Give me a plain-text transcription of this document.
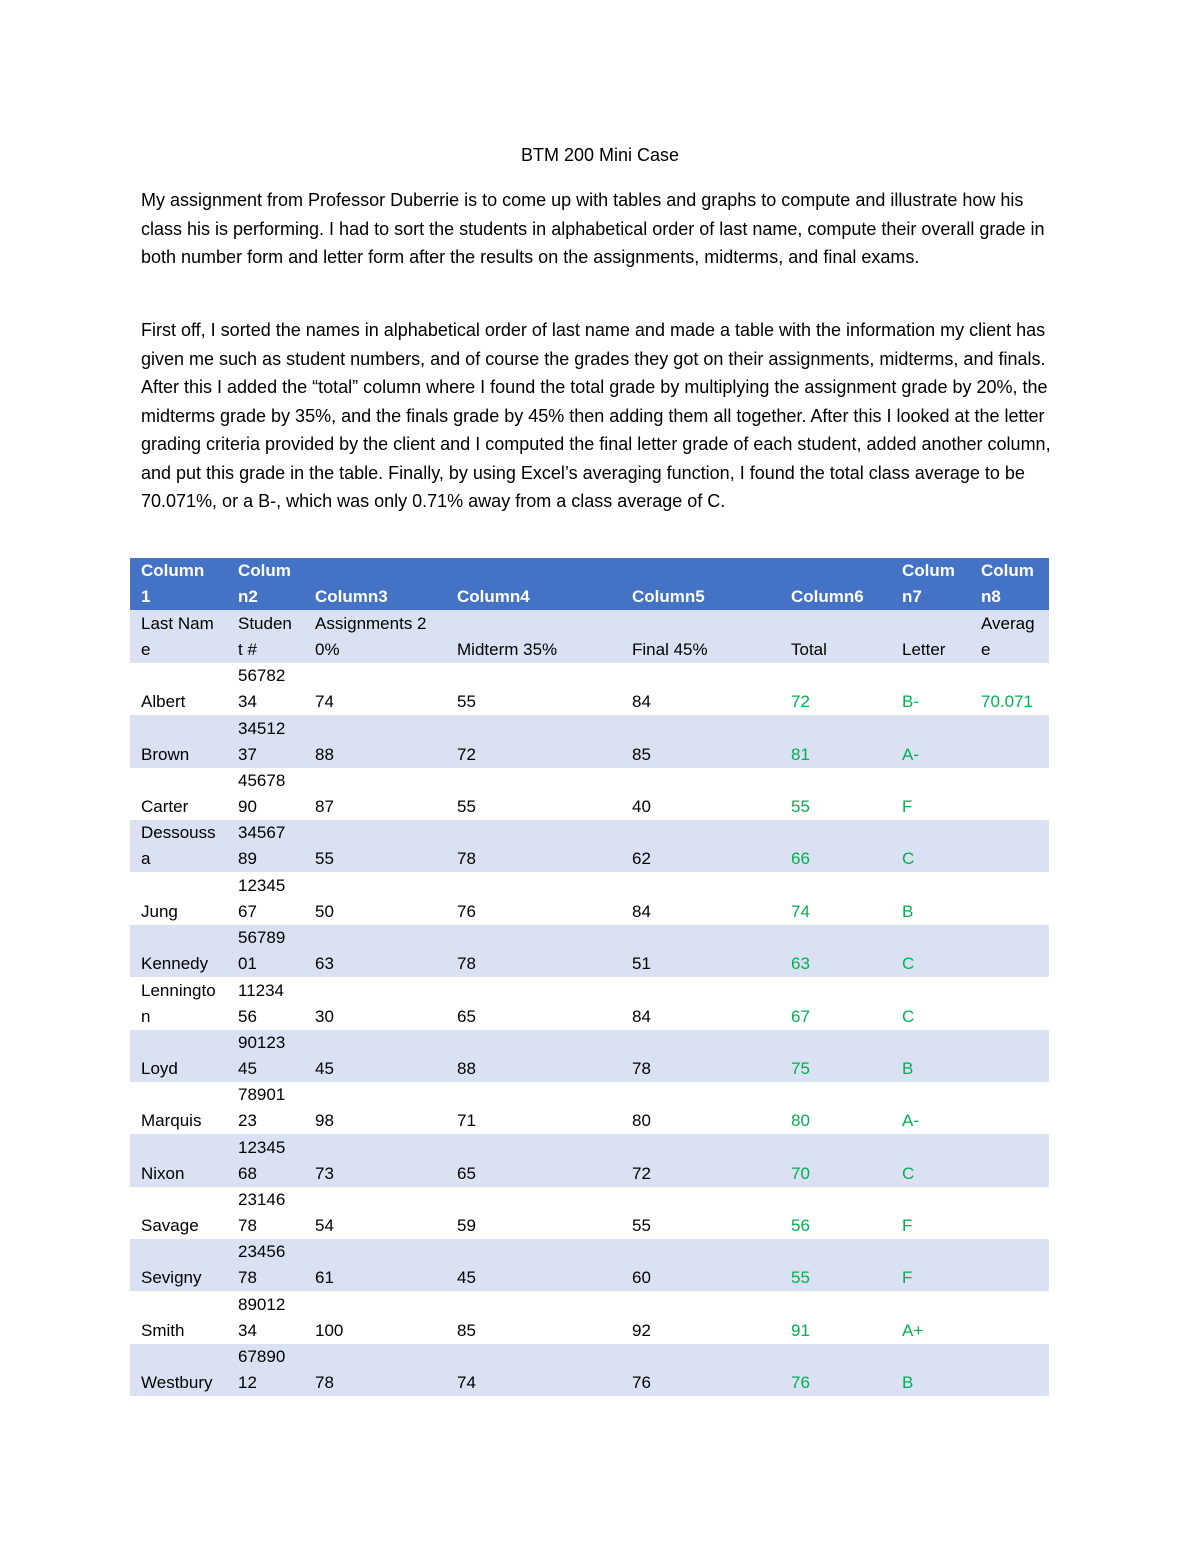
BTM 200 Mini Case

My assignment from Professor Duberrie is to come up with tables and graphs to compute and illustrate how his class his is performing. I had to sort the students in alphabetical order of last name, compute their overall grade in both number form and letter form after the results on the assignments, midterms, and final exams.

First off, I sorted the names in alphabetical order of last name and made a table with the information my client has given me such as student numbers, and of course the grades they got on their assignments, midterms, and finals. After this I added the “total” column where I found the total grade by multiplying the assignment grade by 20%, the midterms grade by 35%, and the finals grade by 45% then adding them all together. After this I looked at the letter grading criteria provided by the client and I computed the final letter grade of each student, added another column, and put this grade in the table. Finally, by using Excel’s averaging function, I found the total class average to be 70.071%, or a B-, which was only 0.71% away from a class average of C.

Column 1	Column2	Column3	Column4	Column5	Column6	Column7	Column8
Last Name	Student #	Assignments 20%	Midterm 35%	Final 45%	Total	Letter	Average
Albert	5678234	74	55	84	72	B-	70.071
Brown	3451237	88	72	85	81	A-	
Carter	4567890	87	55	40	55	F	
Dessoussa	3456789	55	78	62	66	C	
Jung	1234567	50	76	84	74	B	
Kennedy	5678901	63	78	51	63	C	
Lennington	1123456	30	65	84	67	C	
Loyd	9012345	45	88	78	75	B	
Marquis	7890123	98	71	80	80	A-	
Nixon	1234568	73	65	72	70	C	
Savage	2314678	54	59	55	56	F	
Sevigny	2345678	61	45	60	55	F	
Smith	8901234	100	85	92	91	A+	
Westbury	6789012	78	74	76	76	B	
